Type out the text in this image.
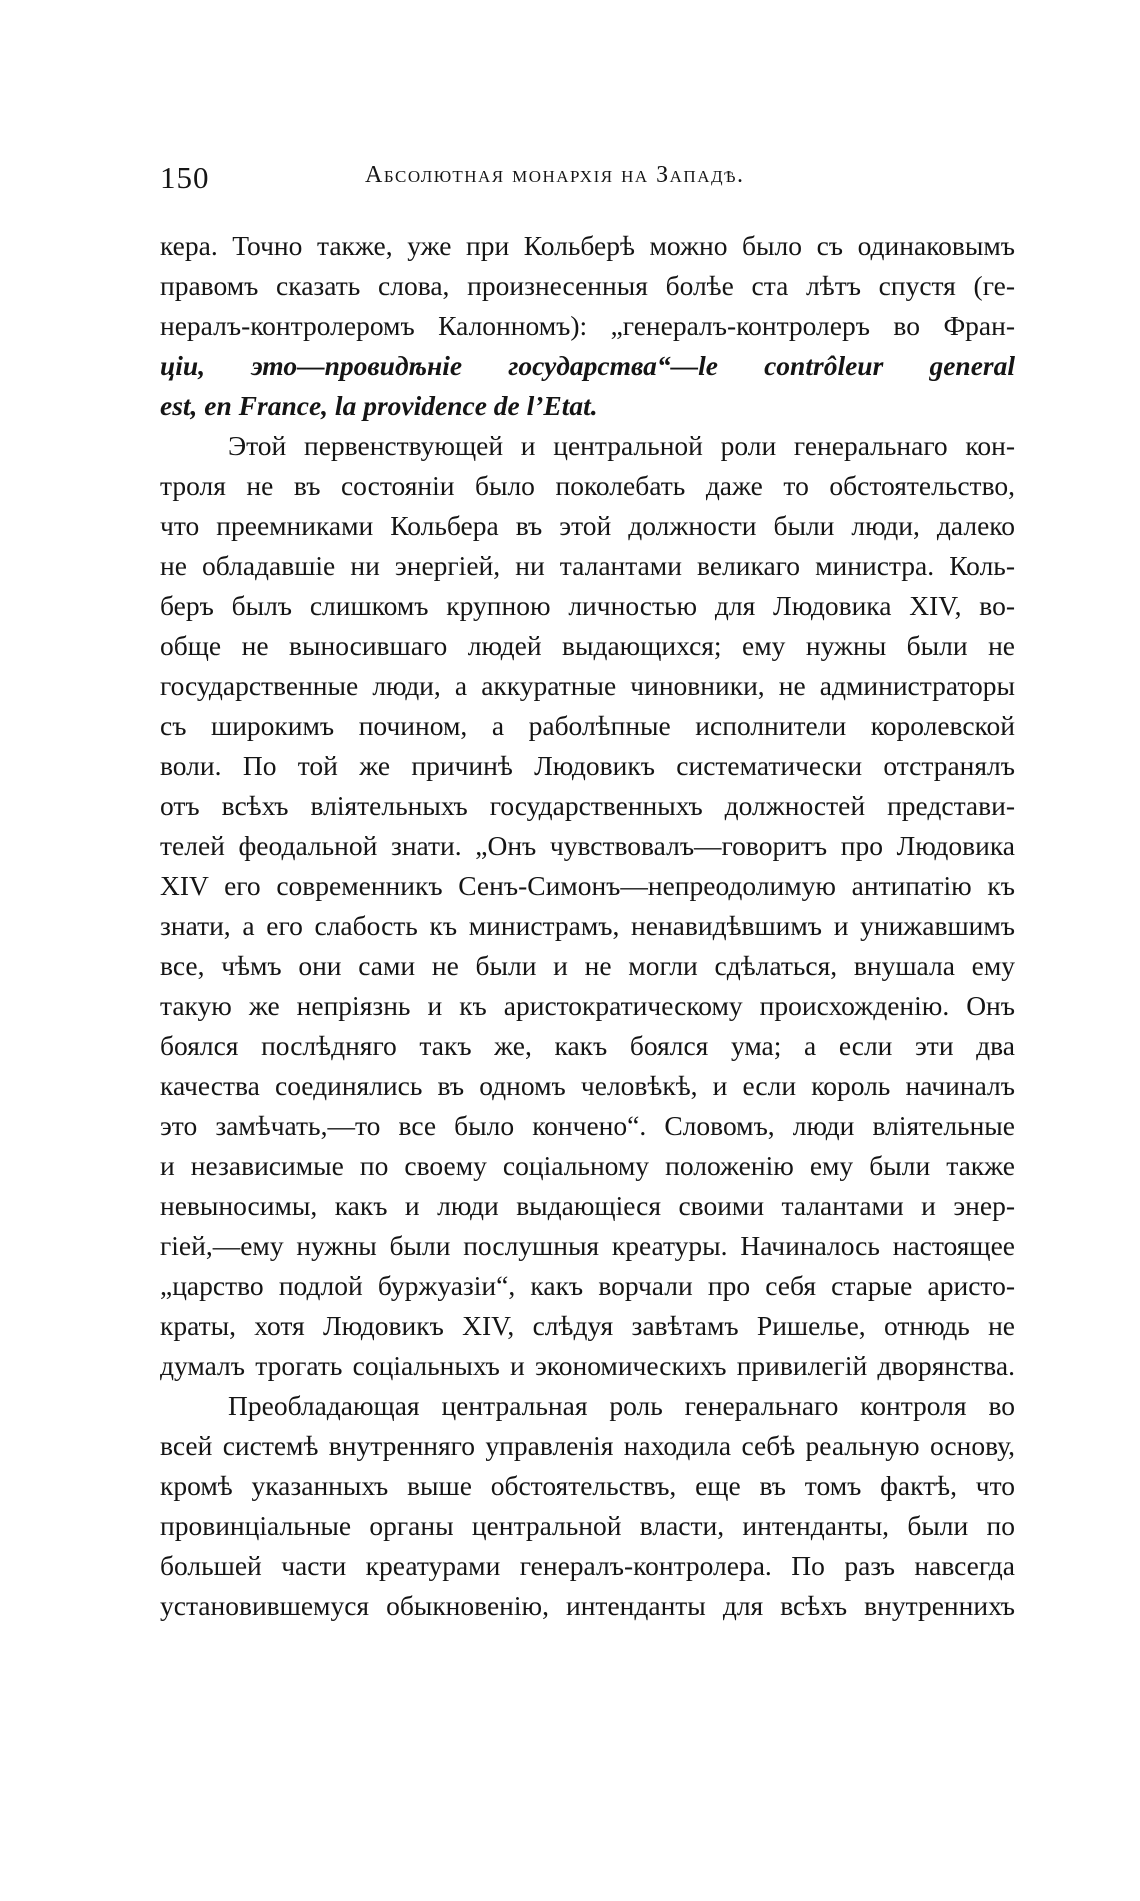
150	Абсолютная монархія на Западѣ.
кера. Точно также, уже при Кольберѣ можно было съ одинаковымъ
правомъ сказать слова, произнесенныя болѣе ста лѣтъ спустя (ге-
нералъ-контролеромъ Калонномъ): „генералъ-контролеръ во Фран-
ціи, это—провидѣніе государства“—le contrôleur general
est, en France, la providence de l’Etat.
Этой первенствующей и центральной роли генеральнаго кон-
троля не въ состояніи было поколебать даже то обстоятельство,
что преемниками Кольбера въ этой должности были люди, далеко
не обладавшіе ни энергіей, ни талантами великаго министра. Коль-
беръ былъ слишкомъ крупною личностью для Людовика XIV, во-
обще не выносившаго людей выдающихся; ему нужны были не
государственные люди, а аккуратные чиновники, не администраторы
съ широкимъ почином, а раболѣпные исполнители королевской
воли. По той же причинѣ Людовикъ систематически отстранялъ
отъ всѣхъ вліятельныхъ государственныхъ должностей представи-
телей феодальной знати. „Онъ чувствовалъ—говоритъ про Людовика
XIV его современникъ Сенъ-Симонъ—непреодолимую антипатію къ
знати, а его слабость къ министрамъ, ненавидѣвшимъ и унижавшимъ
все, чѣмъ они сами не были и не могли сдѣлаться, внушала ему
такую же непріязнь и къ аристократическому происхожденію. Онъ
боялся послѣдняго такъ же, какъ боялся ума; а если эти два
качества соединялись въ одномъ человѣкѣ, и если король начиналъ
это замѣчать,—то все было кончено“. Словомъ, люди вліятельные
и независимые по своему соціальному положенію ему были также
невыносимы, какъ и люди выдающіеся своими талантами и энер-
гіей,—ему нужны были послушныя креатуры. Начиналось настоящее
„царство подлой буржуазіи“, какъ ворчали про себя старые аристо-
краты, хотя Людовикъ XIV, слѣдуя завѣтамъ Ришелье, отнюдь не
думалъ трогать соціальныхъ и экономическихъ привилегій дворянства.
Преобладающая центральная роль генеральнаго контроля во
всей системѣ внутренняго управленія находила себѣ реальную основу,
кромѣ указанныхъ выше обстоятельствъ, еще въ томъ фактѣ, что
провинціальные органы центральной власти, интенданты, были по
большей части креатурами генералъ-контролера. По разъ навсегда
установившемуся обыкновенію, интенданты для всѣхъ внутреннихъ
